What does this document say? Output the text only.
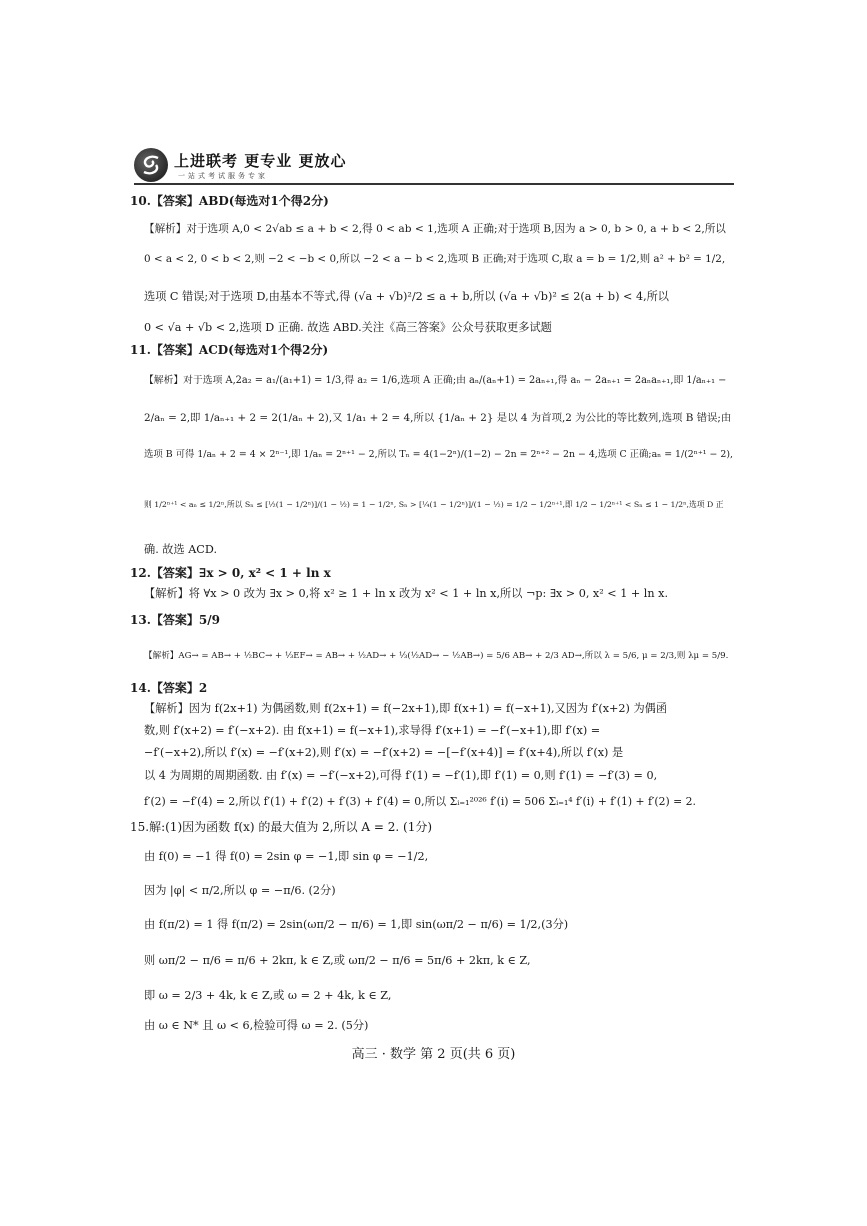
上进联考 更专业 更放心
一站式考试服务专家
10.【答案】ABD(每选对1个得2分)
【解析】对于选项 A,0 < 2√ab ≤ a + b < 2,得 0 < ab < 1,选项 A 正确;对于选项 B,因为 a > 0, b > 0, a + b < 2,所以
0 < a < 2, 0 < b < 2,则 −2 < −b < 0,所以 −2 < a − b < 2,选项 B 正确;对于选项 C,取 a = b = 1/2,则 a² + b² = 1/2,
选项 C 错误;对于选项 D,由基本不等式,得 (√a + √b)²/2 ≤ a + b,所以 (√a + √b)² ≤ 2(a + b) < 4,所以
0 < √a + √b < 2,选项 D 正确. 故选 ABD.关注《高三答案》公众号获取更多试题
11.【答案】ACD(每选对1个得2分)
【解析】对于选项 A,2a₂ = a₁/(a₁+1) = 1/3,得 a₂ = 1/6,选项 A 正确;由 aₙ/(aₙ+1) = 2aₙ₊₁,得 aₙ − 2aₙ₊₁ = 2aₙaₙ₊₁,即 1/aₙ₊₁ −
2/aₙ = 2,即 1/aₙ₊₁ + 2 = 2(1/aₙ + 2),又 1/a₁ + 2 = 4,所以 {1/aₙ + 2} 是以 4 为首项,2 为公比的等比数列,选项 B 错误;由
选项 B 可得 1/aₙ + 2 = 4 × 2ⁿ⁻¹,即 1/aₙ = 2ⁿ⁺¹ − 2,所以 Tₙ = 4(1−2ⁿ)/(1−2) − 2n = 2ⁿ⁺² − 2n − 4,选项 C 正确;aₙ = 1/(2ⁿ⁺¹ − 2),
则 1/2ⁿ⁺¹ < aₙ ≤ 1/2ⁿ,所以 Sₙ ≤ [½(1 − 1/2ⁿ)]/(1 − ½) = 1 − 1/2ⁿ, Sₙ > [¼(1 − 1/2ⁿ)]/(1 − ½) = 1/2 − 1/2ⁿ⁺¹,即 1/2 − 1/2ⁿ⁺¹ < Sₙ ≤ 1 − 1/2ⁿ,选项 D 正
确. 故选 ACD.
12.【答案】∃x > 0, x² < 1 + ln x
【解析】将 ∀x > 0 改为 ∃x > 0,将 x² ≥ 1 + ln x 改为 x² < 1 + ln x,所以 ¬p: ∃x > 0, x² < 1 + ln x.
13.【答案】5/9
【解析】AG→ = AB→ + ½BC→ + ⅓EF→ = AB→ + ½AD→ + ⅓(½AD→ − ½AB→) = 5/6 AB→ + 2/3 AD→,所以 λ = 5/6, μ = 2/3,则 λμ = 5/9.
14.【答案】2
【解析】因为 f(2x+1) 为偶函数,则 f(2x+1) = f(−2x+1),即 f(x+1) = f(−x+1),又因为 f′(x+2) 为偶函
数,则 f′(x+2) = f′(−x+2). 由 f(x+1) = f(−x+1),求导得 f′(x+1) = −f′(−x+1),即 f′(x) =
−f′(−x+2),所以 f′(x) = −f′(x+2),则 f′(x) = −f′(x+2) = −[−f′(x+4)] = f′(x+4),所以 f′(x) 是
以 4 为周期的周期函数. 由 f′(x) = −f′(−x+2),可得 f′(1) = −f′(1),即 f′(1) = 0,则 f′(1) = −f′(3) = 0,
f′(2) = −f′(4) = 2,所以 f′(1) + f′(2) + f′(3) + f′(4) = 0,所以 Σᵢ₌₁²⁰²⁶ f′(i) = 506 Σᵢ₌₁⁴ f′(i) + f′(1) + f′(2) = 2.
15.解:(1)因为函数 f(x) 的最大值为 2,所以 A = 2. (1分)
由 f(0) = −1 得 f(0) = 2sin φ = −1,即 sin φ = −1/2,
因为 |φ| < π/2,所以 φ = −π/6. (2分)
由 f(π/2) = 1 得 f(π/2) = 2sin(ωπ/2 − π/6) = 1,即 sin(ωπ/2 − π/6) = 1/2,(3分)
则 ωπ/2 − π/6 = π/6 + 2kπ, k ∈ Z,或 ωπ/2 − π/6 = 5π/6 + 2kπ, k ∈ Z,
即 ω = 2/3 + 4k, k ∈ Z,或 ω = 2 + 4k, k ∈ Z,
由 ω ∈ N* 且 ω < 6,检验可得 ω = 2. (5分)
高三 · 数学 第 2 页(共 6 页)
